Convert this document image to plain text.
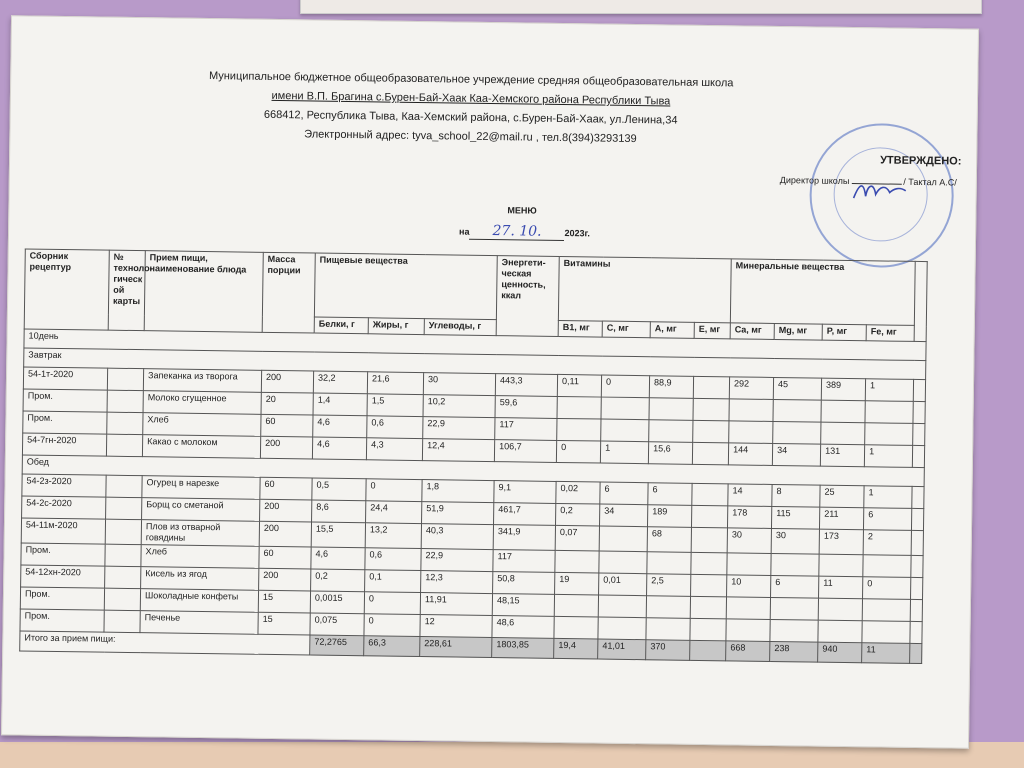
Муниципальное бюджетное общеобразовательное учреждение средняя общеобразовательная школа
имени В.П. Брагина с.Бурен-Бай-Хаак Каа-Хемского района Республики Тыва
668412, Республика Тыва, Каа-Хемский района, с.Бурен-Бай-Хаак, ул.Ленина,34
Электронный адрес: tyva_school_22@mail.ru , тел.8(394)3293139
УТВЕРЖДЕНО:
Директор школы	/ Тактал А.С/
МЕНЮ
на 27. 10.	2023г.
Сборник рецептур	№ техноло-гическ ой карты	Прием пищи, наименование блюда	Масса порции	Пищевые вещества			Энергети-ческая ценность, ккал	Витамины				Минеральные вещества				
				Белки, г	Жиры, г	Углеводы, г		В1, мг	С, мг	А, мг	Е, мг	Ca, мг	Mg, мг	P, мг	Fe, мг	
10день																
Завтрак																
54-1т-2020		Запеканка из творога	200	32,2	21,6	30	443,3	0,11	0	88,9		292	45	389	1	
Пром.		Молоко сгущенное	20	1,4	1,5	10,2	59,6									
Пром.		Хлеб	60	4,6	0,6	22,9	117									
54-7гн-2020		Какао с молоком	200	4,6	4,3	12,4	106,7	0	1	15,6		144	34	131	1	
Обед																
54-2з-2020		Огурец в нарезке	60	0,5	0	1,8	9,1	0,02	6	6		14	8	25	1	
54-2с-2020		Борщ со сметаной	200	8,6	24,4	51,9	461,7	0,2	34	189		178	115	211	6	
54-11м-2020		Плов из отварной говядины	200	15,5	13,2	40,3	341,9	0,07		68		30	30	173	2	
Пром.		Хлеб	60	4,6	0,6	22,9	117									
54-12хн-2020		Кисель из ягод	200	0,2	0,1	12,3	50,8	19	0,01	2,5		10	6	11	0	
Пром.		Шоколадные конфеты	15	0,0015	0	11,91	48,15									
Пром.		Печенье	15	0,075	0	12	48,6									
Итого за прием пищи:				72,2765	66,3	228,61	1803,85	19,4	41,01	370		668	238	940	11	
